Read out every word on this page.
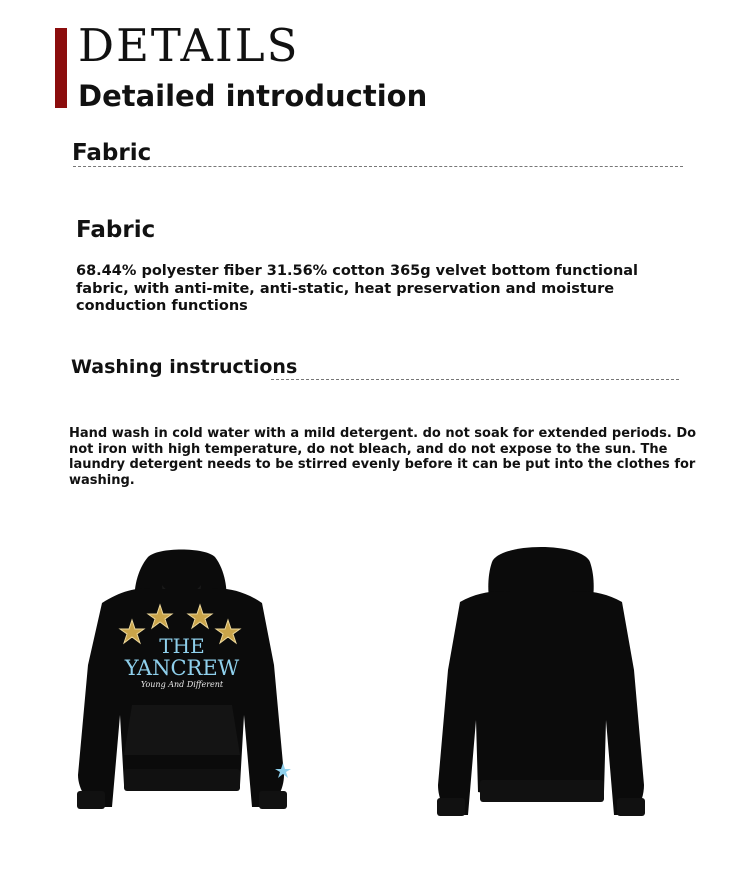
DETAILS
Detailed introduction
Fabric
Fabric

68.44% polyester fiber 31.56% cotton 365g velvet bottom functional fabric, with anti-mite, anti-static, heat preservation and moisture conduction functions

Washing instructions

Hand wash in cold water with a mild detergent. do not soak for extended periods. Do not iron with high temperature, do not bleach, and do not expose to the sun. The laundry detergent needs to be stirred evenly before it can be put into the clothes for washing.

THE
YANCREW
Young And Different
